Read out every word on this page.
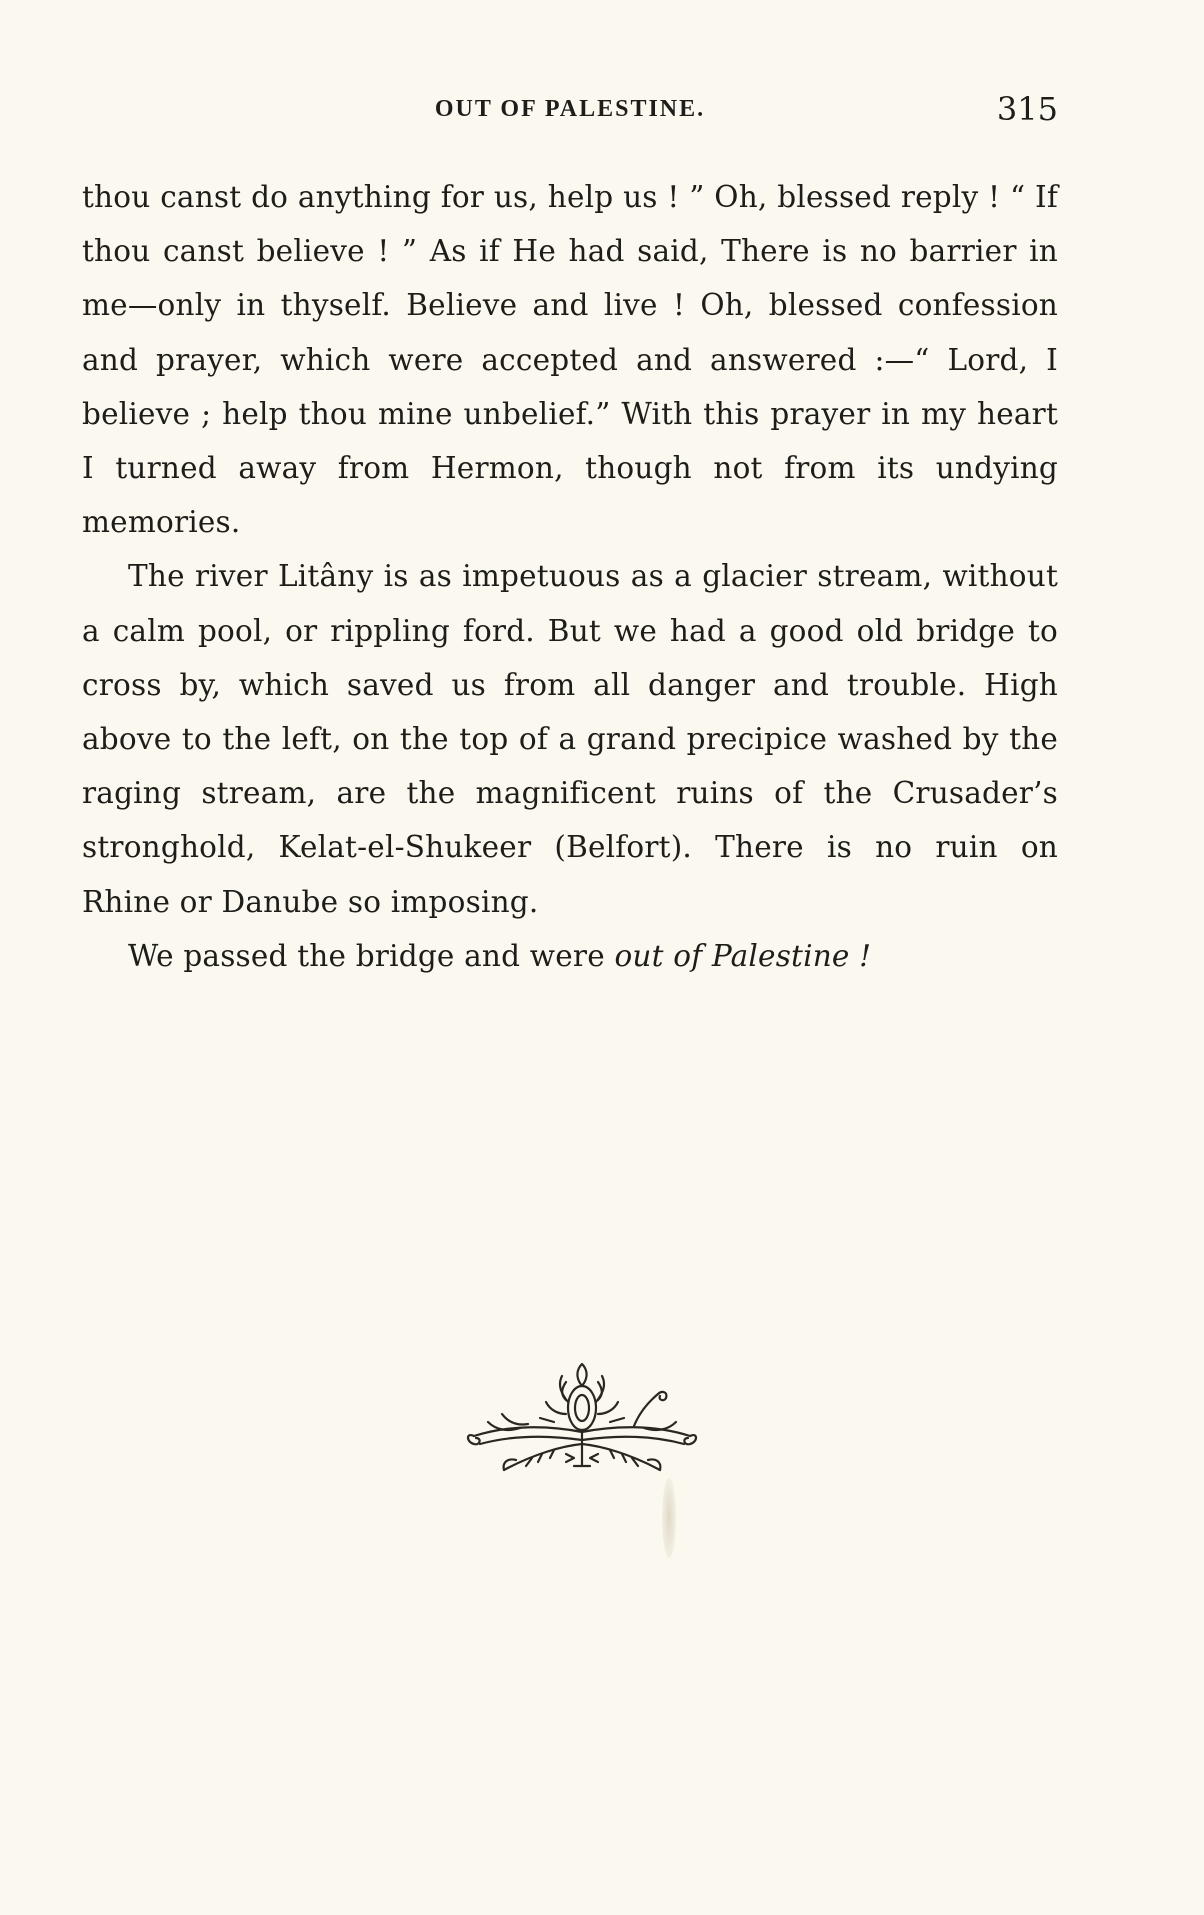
OUT OF PALESTINE.	315

thou canst do anything for us, help us ! ” Oh, blessed reply ! “ If thou canst believe ! ” As if He had said, There is no barrier in me—only in thyself. Believe and live ! Oh, blessed confession and prayer, which were accepted and answered :—“ Lord, I believe ; help thou mine unbelief.” With this prayer in my heart I turned away from Hermon, though not from its undying memories.

The river Litâny is as impetuous as a glacier stream, without a calm pool, or rippling ford. But we had a good old bridge to cross by, which saved us from all danger and trouble. High above to the left, on the top of a grand precipice washed by the raging stream, are the magnificent ruins of the Crusader’s stronghold, Kelat-el-Shukeer (Belfort). There is no ruin on Rhine or Danube so imposing.

We passed the bridge and were out of Palestine !
